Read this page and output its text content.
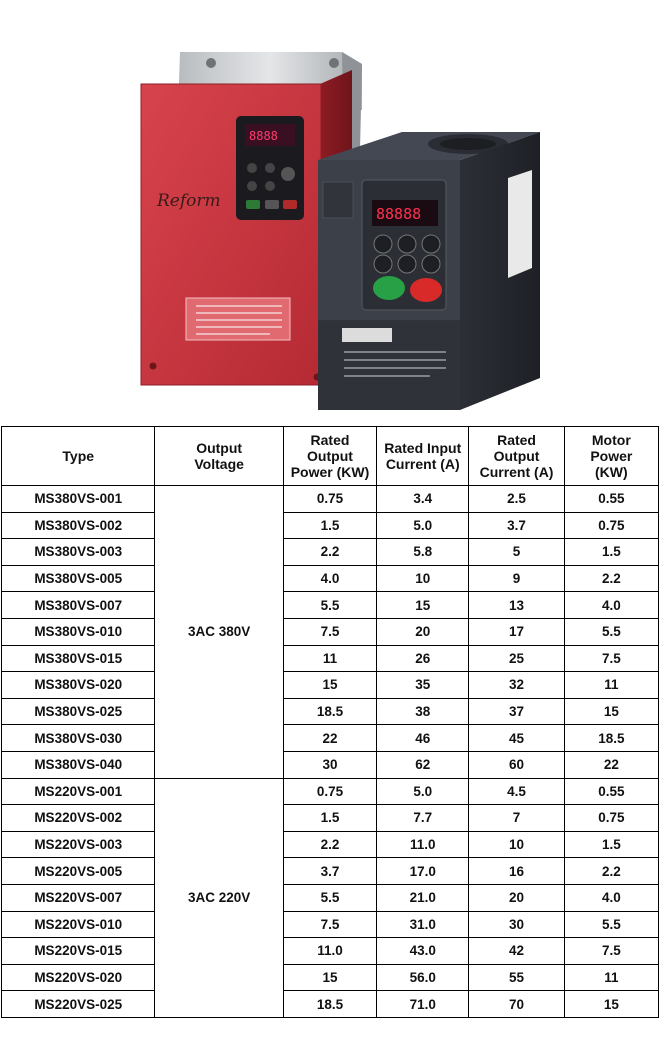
8888
Reform
88888
Type	Output Voltage	Rated Output Power (KW)	Rated Input Current (A)	Rated Output Current (A)	Motor Power (KW)
MS380VS-001	3AC 380V	0.75	3.4	2.5	0.55
MS380VS-002		1.5	5.0	3.7	0.75
MS380VS-003		2.2	5.8	5	1.5
MS380VS-005		4.0	10	9	2.2
MS380VS-007		5.5	15	13	4.0
MS380VS-010		7.5	20	17	5.5
MS380VS-015		11	26	25	7.5
MS380VS-020		15	35	32	11
MS380VS-025		18.5	38	37	15
MS380VS-030		22	46	45	18.5
MS380VS-040		30	62	60	22
MS220VS-001	3AC 220V	0.75	5.0	4.5	0.55
MS220VS-002		1.5	7.7	7	0.75
MS220VS-003		2.2	11.0	10	1.5
MS220VS-005		3.7	17.0	16	2.2
MS220VS-007		5.5	21.0	20	4.0
MS220VS-010		7.5	31.0	30	5.5
MS220VS-015		11.0	43.0	42	7.5
MS220VS-020		15	56.0	55	11
MS220VS-025		18.5	71.0	70	15
